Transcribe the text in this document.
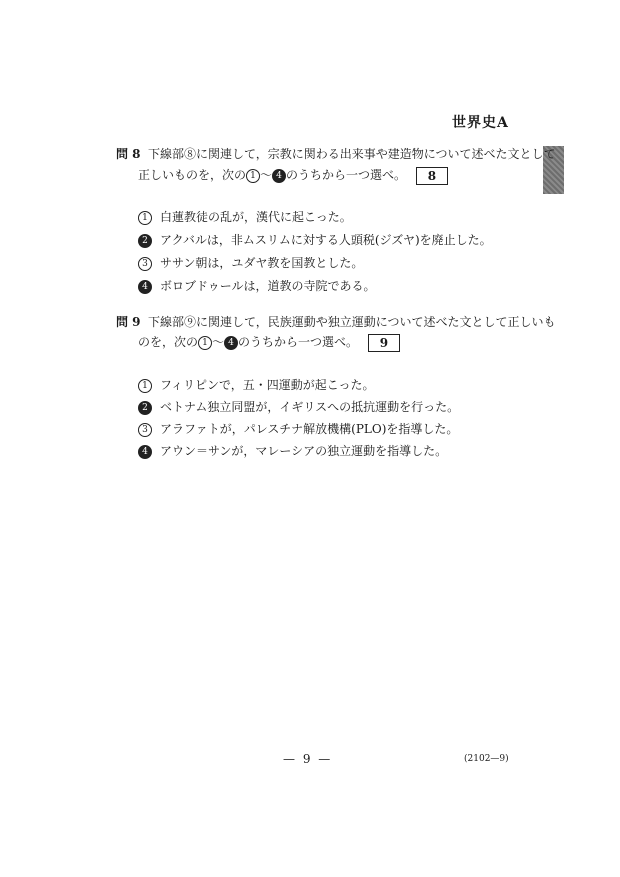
世界史A
問 8 下線部⑧に関連して，宗教に関わる出来事や建造物について述べた文として
正しいものを，次の 1 〜 4 のうちから一つ選べ。 8
1 白蓮教徒の乱が，漢代に起こった。
2 アクバルは，非ムスリムに対する人頭税(ジズヤ)を廃止した。
3 ササン朝は，ユダヤ教を国教とした。
4 ボロブドゥールは，道教の寺院である。
問 9 下線部⑨に関連して，民族運動や独立運動について述べた文として正しいも
のを，次の 1 〜 4 のうちから一つ選べ。 9
1 フィリピンで，五・四運動が起こった。
2 ベトナム独立同盟が，イギリスへの抵抗運動を行った。
3 アラファトが，パレスチナ解放機構(PLO)を指導した。
4 アウン＝サンが，マレーシアの独立運動を指導した。
— 9 —	(2102—9)
